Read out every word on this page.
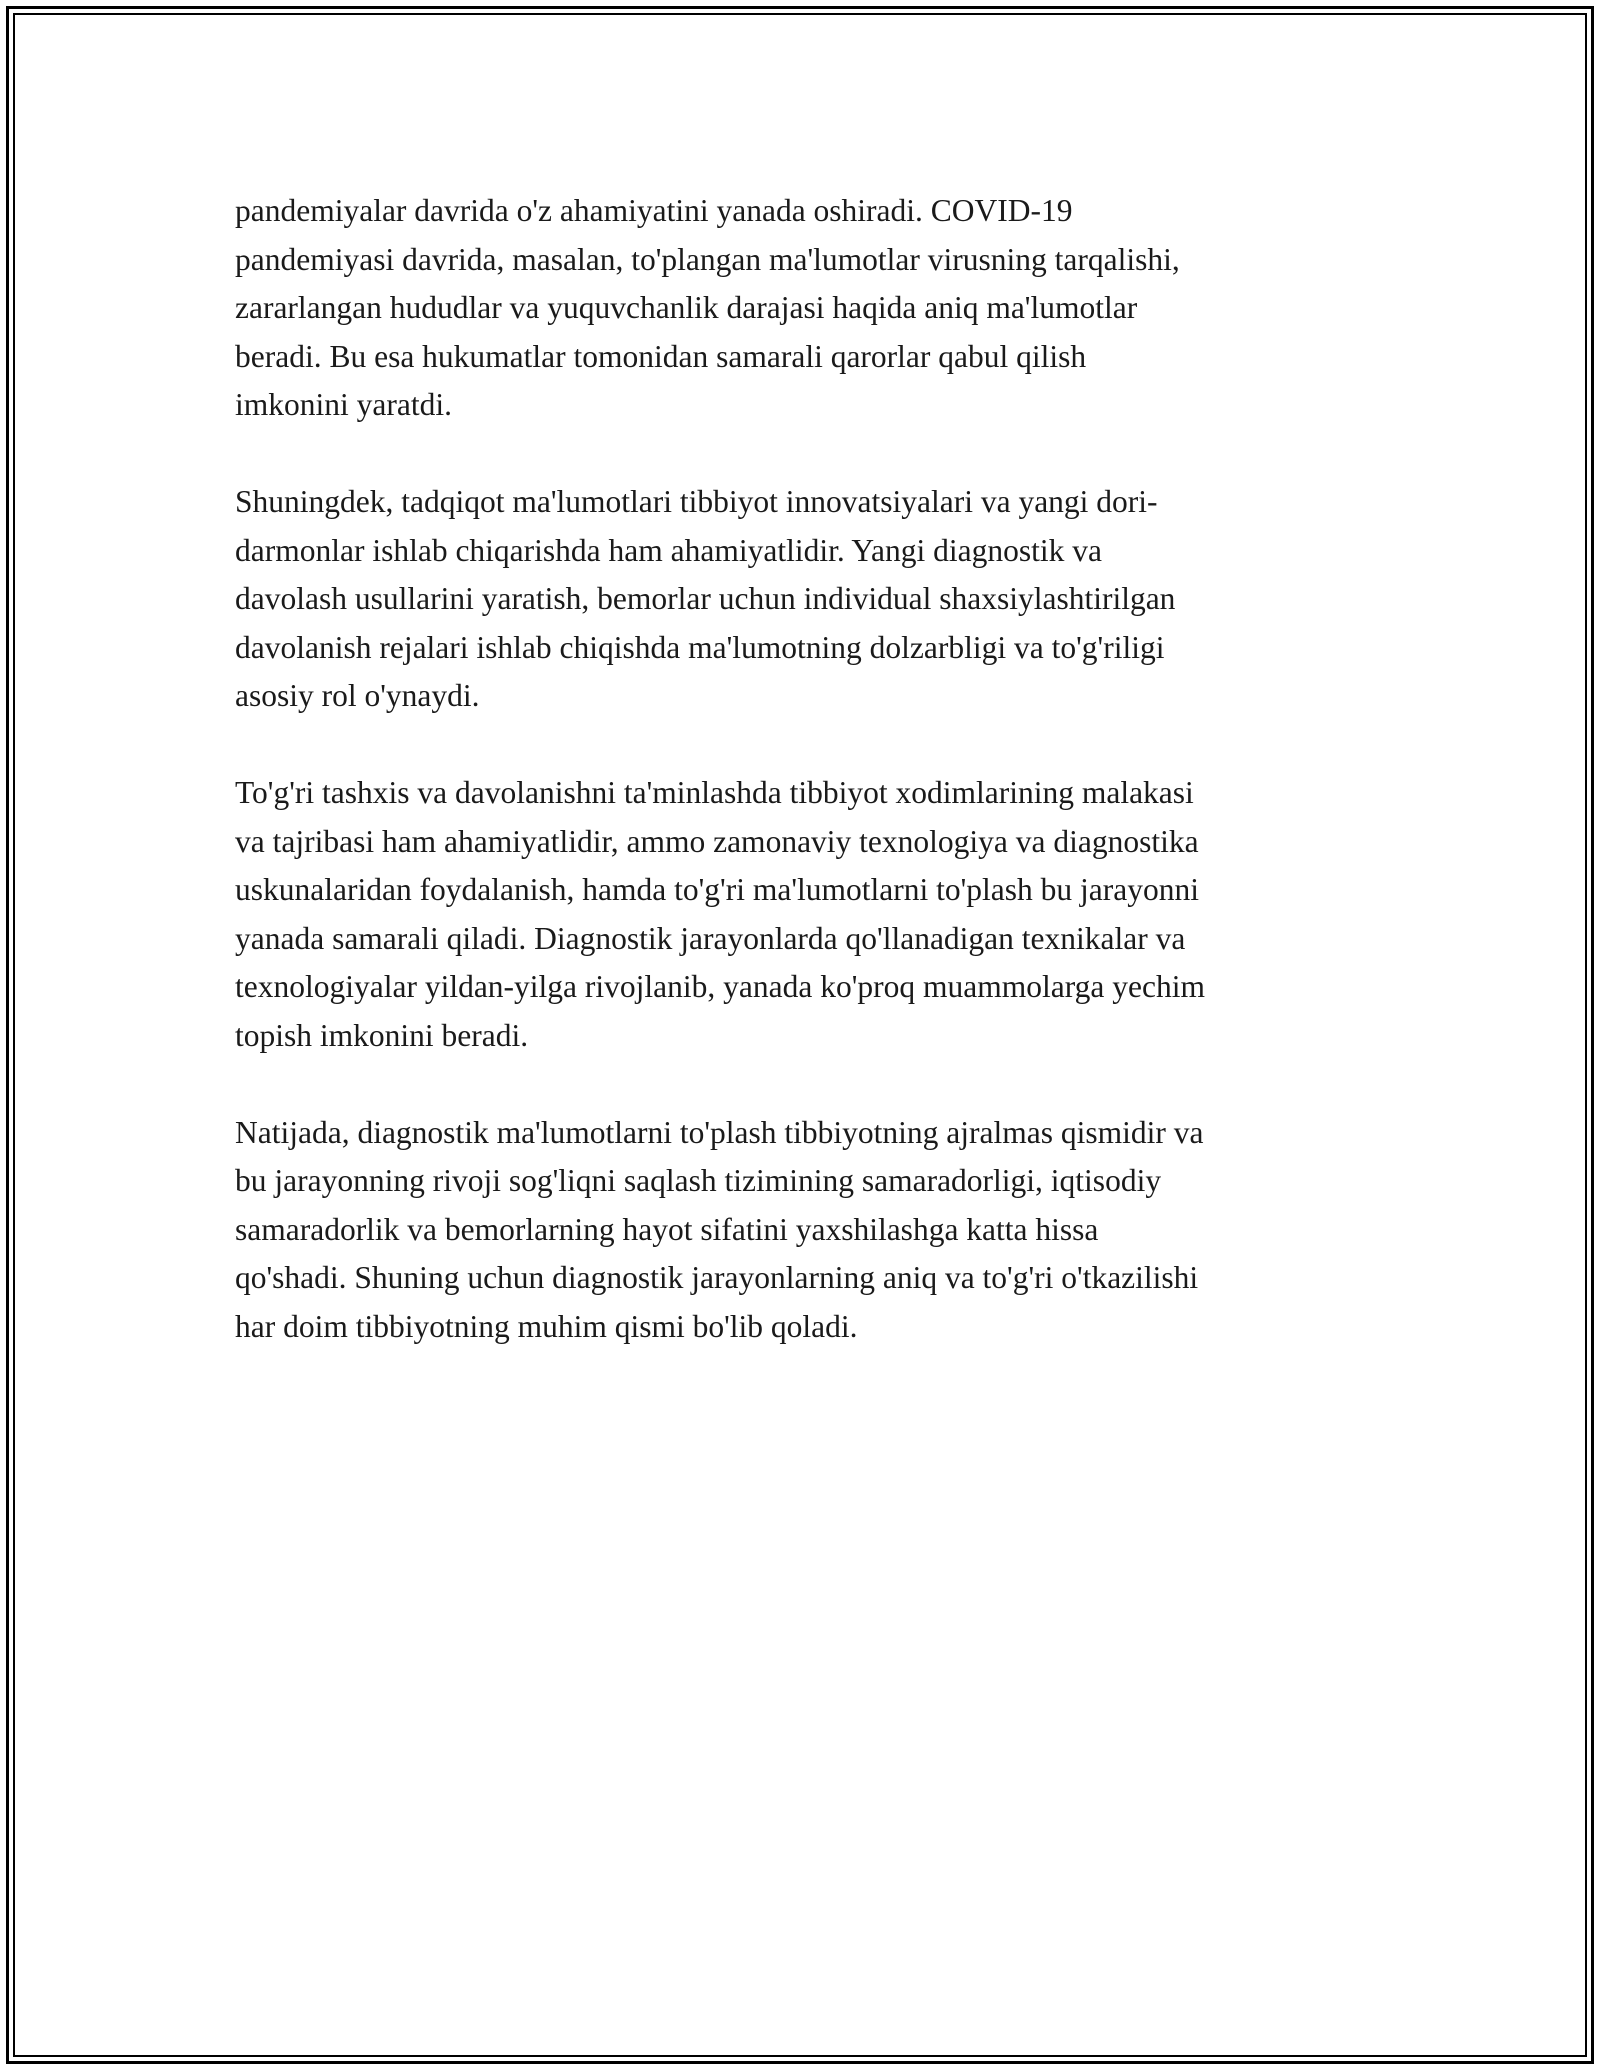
pandemiyalar davrida o'z ahamiyatini yanada oshiradi. COVID-19
pandemiyasi davrida, masalan, to'plangan ma'lumotlar virusning tarqalishi,
zararlangan hududlar va yuquvchanlik darajasi haqida aniq ma'lumotlar
beradi. Bu esa hukumatlar tomonidan samarali qarorlar qabul qilish
imkonini yaratdi.

Shuningdek, tadqiqot ma'lumotlari tibbiyot innovatsiyalari va yangi dori-
darmonlar ishlab chiqarishda ham ahamiyatlidir. Yangi diagnostik va
davolash usullarini yaratish, bemorlar uchun individual shaxsiylashtirilgan
davolanish rejalari ishlab chiqishda ma'lumotning dolzarbligi va to'g'riligi
asosiy rol o'ynaydi.

To'g'ri tashxis va davolanishni ta'minlashda tibbiyot xodimlarining malakasi
va tajribasi ham ahamiyatlidir, ammo zamonaviy texnologiya va diagnostika
uskunalaridan foydalanish, hamda to'g'ri ma'lumotlarni to'plash bu jarayonni
yanada samarali qiladi. Diagnostik jarayonlarda qo'llanadigan texnikalar va
texnologiyalar yildan-yilga rivojlanib, yanada ko'proq muammolarga yechim
topish imkonini beradi.

Natijada, diagnostik ma'lumotlarni to'plash tibbiyotning ajralmas qismidir va
bu jarayonning rivoji sog'liqni saqlash tizimining samaradorligi, iqtisodiy
samaradorlik va bemorlarning hayot sifatini yaxshilashga katta hissa
qo'shadi. Shuning uchun diagnostik jarayonlarning aniq va to'g'ri o'tkazilishi
har doim tibbiyotning muhim qismi bo'lib qoladi.
